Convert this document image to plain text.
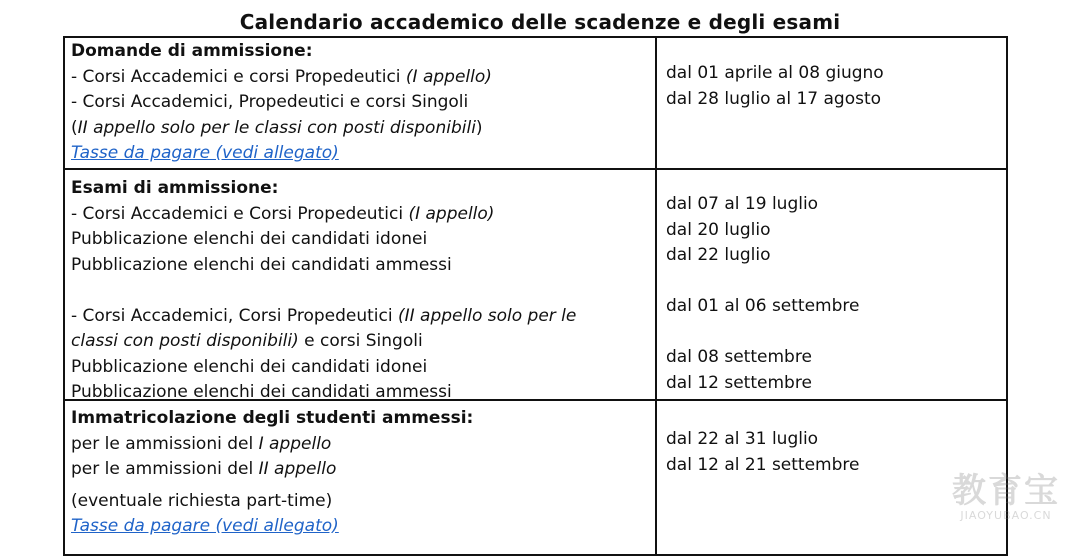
Calendario accademico delle scadenze e degli esami
Domande di ammissione:
- Corsi Accademici e corsi Propedeutici (I appello)
- Corsi Accademici, Propedeutici e corsi Singoli
(II appello solo per le classi con posti disponibili)
Tasse da pagare (vedi allegato)
dal 01 aprile al 08 giugno
dal 28 luglio al 17 agosto
Esami di ammissione:
- Corsi Accademici e Corsi Propedeutici (I appello)
Pubblicazione elenchi dei candidati idonei
Pubblicazione elenchi dei candidati ammessi
- Corsi Accademici, Corsi Propedeutici (II appello solo per le
classi con posti disponibili) e corsi Singoli
Pubblicazione elenchi dei candidati idonei
Pubblicazione elenchi dei candidati ammessi
dal 07 al 19 luglio
dal 20 luglio
dal 22 luglio
dal 01 al 06 settembre
dal 08 settembre
dal 12 settembre
Immatricolazione degli studenti ammessi:
per le ammissioni del I appello
per le ammissioni del II appello
(eventuale richiesta part-time)
Tasse da pagare (vedi allegato)
dal 22 al 31 luglio
dal 12 al 21 settembre
教育宝
JIAOYUBAO.CN
